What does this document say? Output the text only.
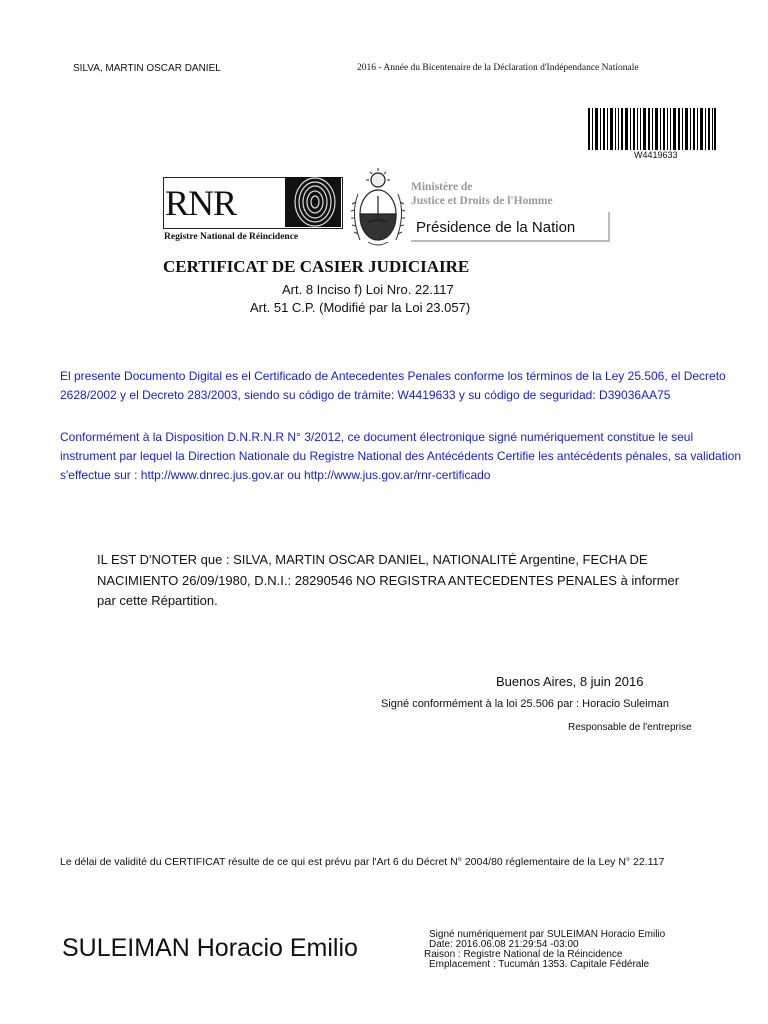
SILVA, MARTIN OSCAR DANIEL	2016 - Année du Bicentenaire de la Déclaration d'Indépendance Nationale
W4419633
RNR
Registre National de Réincidence
Ministère de
Justice et Droits de l'Homme
Présidence de la Nation
CERTIFICAT DE CASIER JUDICIAIRE
Art. 8 Inciso f) Loi Nro. 22.117
Art. 51 C.P. (Modifié par la Loi 23.057)
El presente Documento Digital es el Certificado de Antecedentes Penales conforme los términos de la Ley 25.506, el Decreto 2628/2002 y el Decreto 283/2003, siendo su código de trámite: W4419633 y su código de seguridad: D39036AA75
Conformément à la Disposition D.N.R.N.R N° 3/2012, ce document électronique signé numériquement constitue le seul instrument par lequel la Direction Nationale du Registre National des Antécédents Certifie les antécédents pénales, sa validation s'effectue sur : http://www.dnrec.jus.gov.ar ou http://www.jus.gov.ar/rnr-certificado
IL EST D'NOTER que : SILVA, MARTIN OSCAR DANIEL, NATIONALITÉ Argentine, FECHA DE NACIMIENTO 26/09/1980, D.N.I.: 28290546 NO REGISTRA ANTECEDENTES PENALES à informer par cette Répartition.
Buenos Aires, 8 juin 2016
Signé conformément à la loi 25.506 par : Horacio Suleiman
Responsable de l'entreprise
Le délai de validité du CERTIFICAT résulte de ce qui est prévu par l'Art 6 du Décret N° 2004/80 réglementaire de la Ley N° 22.117
SULEIMAN Horacio Emilio	Signé numériquement par SULEIMAN Horacio Emilio
Date: 2016.06.08 21:29:54 -03:00
Raison : Registre National de la Réincidence
Emplacement : Tucumán 1353. Capitale Fédérale
